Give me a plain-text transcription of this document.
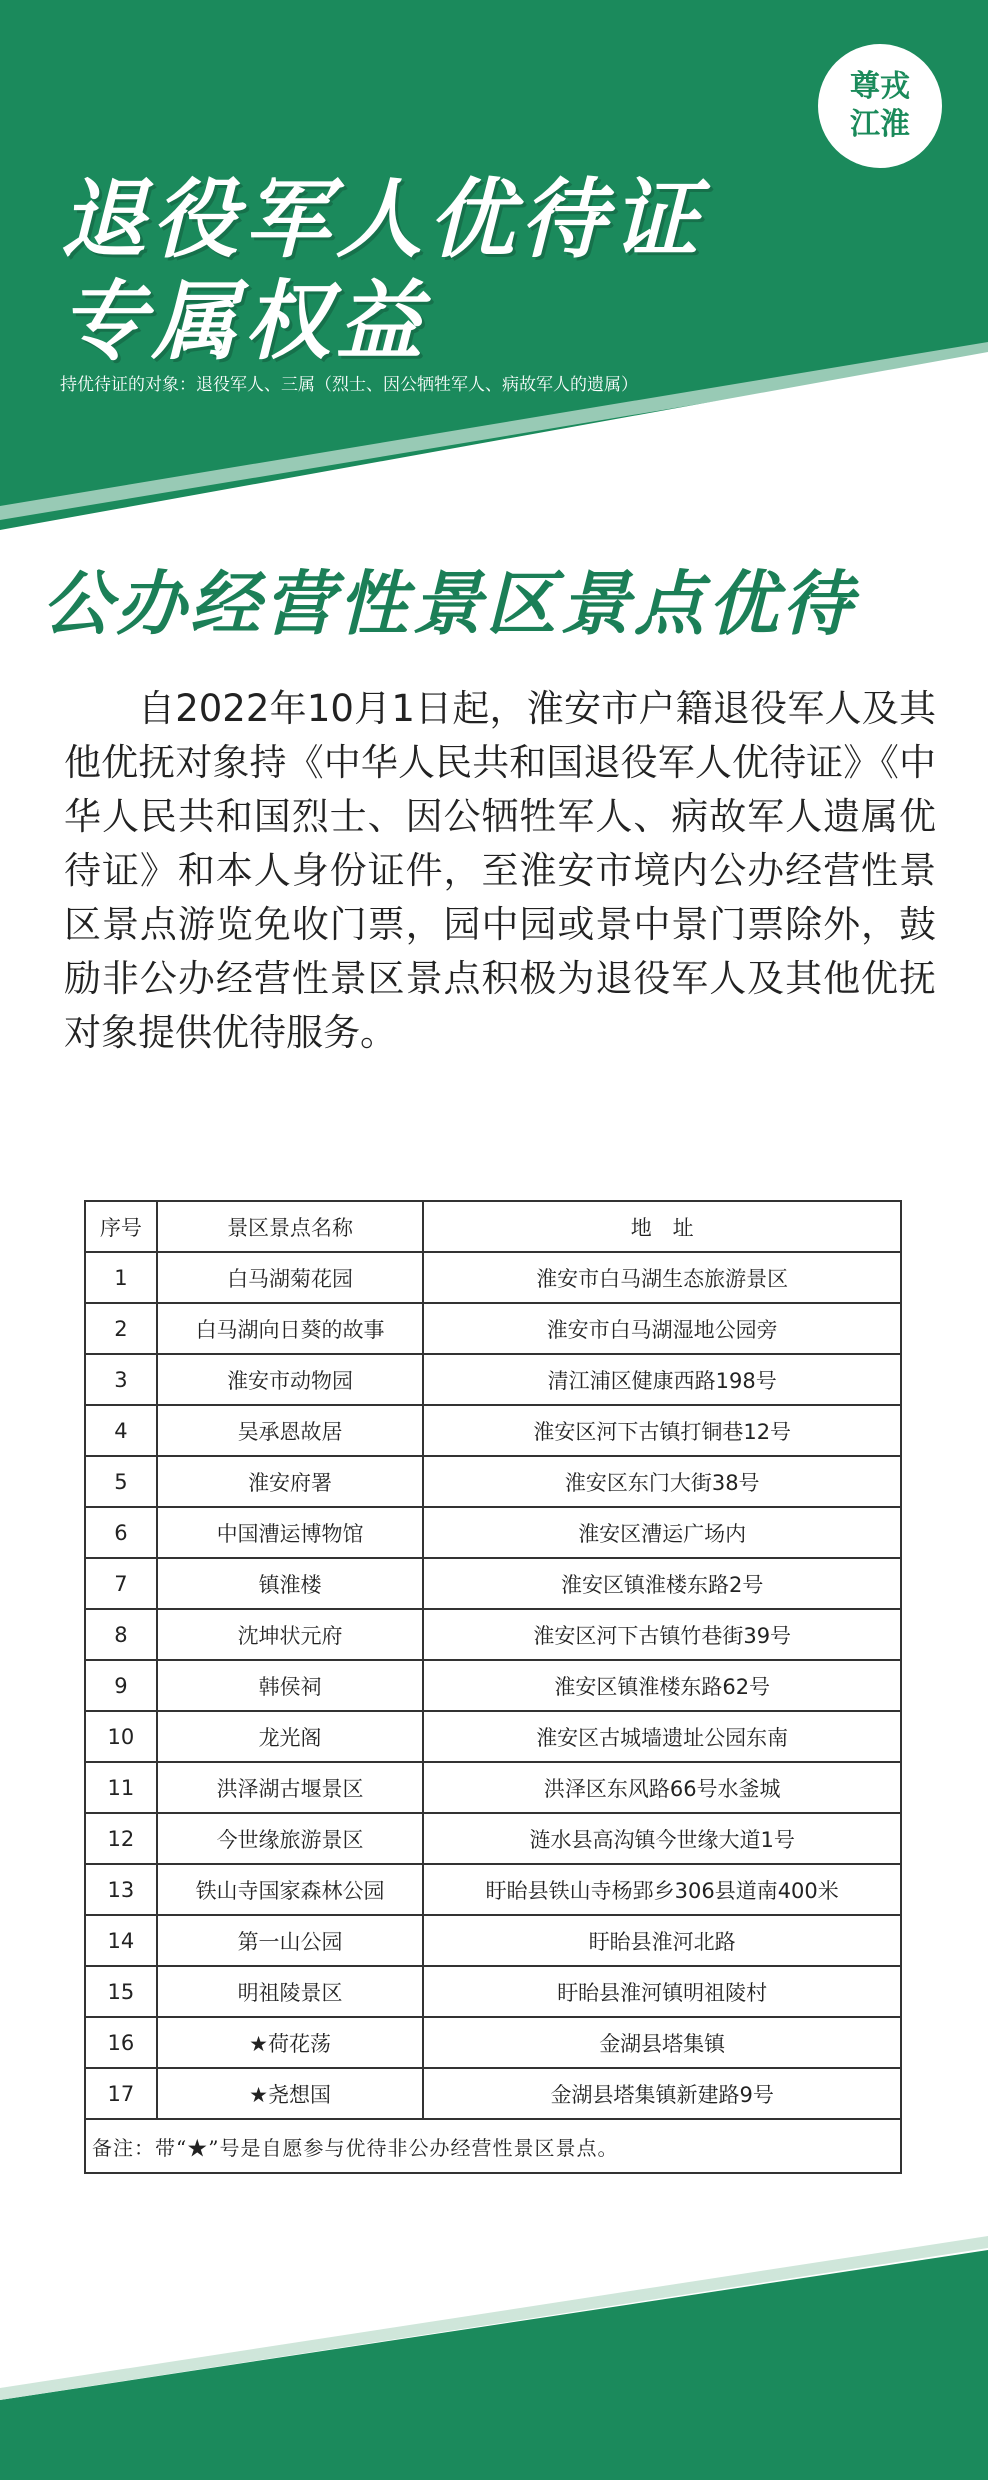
尊戎
江淮
退役军人优待证
专属权益
持优待证的对象：退役军人、三属（烈士、因公牺牲军人、病故军人的遗属）
公办经营性景区景点优待

自2022年10月1日起，淮安市户籍退役军人及其他优抚对象持《中华人民共和国退役军人优待证》《中华人民共和国烈士、因公牺牲军人、病故军人遗属优待证》和本人身份证件，至淮安市境内公办经营性景区景点游览免收门票，园中园或景中景门票除外，鼓励非公办经营性景区景点积极为退役军人及其他优抚对象提供优待服务。

序号	景区景点名称	地　址
1	白马湖菊花园	淮安市白马湖生态旅游景区
2	白马湖向日葵的故事	淮安市白马湖湿地公园旁
3	淮安市动物园	清江浦区健康西路198号
4	吴承恩故居	淮安区河下古镇打铜巷12号
5	淮安府署	淮安区东门大街38号
6	中国漕运博物馆	淮安区漕运广场内
7	镇淮楼	淮安区镇淮楼东路2号
8	沈坤状元府	淮安区河下古镇竹巷街39号
9	韩侯祠	淮安区镇淮楼东路62号
10	龙光阁	淮安区古城墙遗址公园东南
11	洪泽湖古堰景区	洪泽区东风路66号水釜城
12	今世缘旅游景区	涟水县高沟镇今世缘大道1号
13	铁山寺国家森林公园	盱眙县铁山寺杨郢乡306县道南400米
14	第一山公园	盱眙县淮河北路
15	明祖陵景区	盱眙县淮河镇明祖陵村
16	★荷花荡	金湖县塔集镇
17	★尧想国	金湖县塔集镇新建路9号
备注：带“★”号是自愿参与优待非公办经营性景区景点。		
